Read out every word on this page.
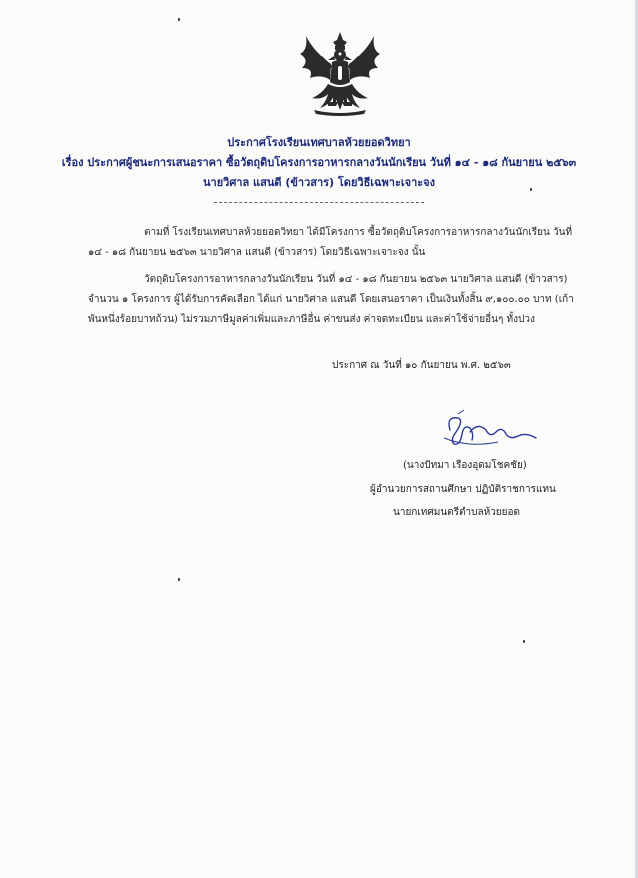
ประกาศโรงเรียนเทศบาลห้วยยอดวิทยา
เรื่อง ประกาศผู้ชนะการเสนอราคา ซื้อวัตถุดิบโครงการอาหารกลางวันนักเรียน วันที่ ๑๔ - ๑๘ กันยายน ๒๕๖๓
นายวิศาล แสนดี (ข้าวสาร) โดยวิธีเฉพาะเจาะจง
ตามที่ โรงเรียนเทศบาลห้วยยอดวิทยา ได้มีโครงการ ซื้อวัตถุดิบโครงการอาหารกลางวันนักเรียน วันที่
๑๔ - ๑๘ กันยายน ๒๕๖๓ นายวิศาล แสนดี (ข้าวสาร) โดยวิธีเฉพาะเจาะจง นั้น
วัตถุดิบโครงการอาหารกลางวันนักเรียน วันที่ ๑๔ - ๑๘ กันยายน ๒๕๖๓ นายวิศาล แสนดี (ข้าวสาร)
จำนวน ๑ โครงการ ผู้ได้รับการคัดเลือก ได้แก่ นายวิศาล แสนดี โดยเสนอราคา เป็นเงินทั้งสิ้น ๙,๑๐๐.๐๐ บาท (เก้า
พันหนึ่งร้อยบาทถ้วน) ไม่รวมภาษีมูลค่าเพิ่มและภาษีอื่น ค่าขนส่ง ค่าจดทะเบียน และค่าใช้จ่ายอื่นๆ ทั้งปวง
ประกาศ ณ วันที่ ๑๐ กันยายน พ.ศ. ๒๕๖๓
(นางปัทมา เรืองอุดมโชคชัย)
ผู้อำนวยการสถานศึกษา ปฏิบัติราชการแทน
นายกเทศมนตรีตำบลห้วยยอด
